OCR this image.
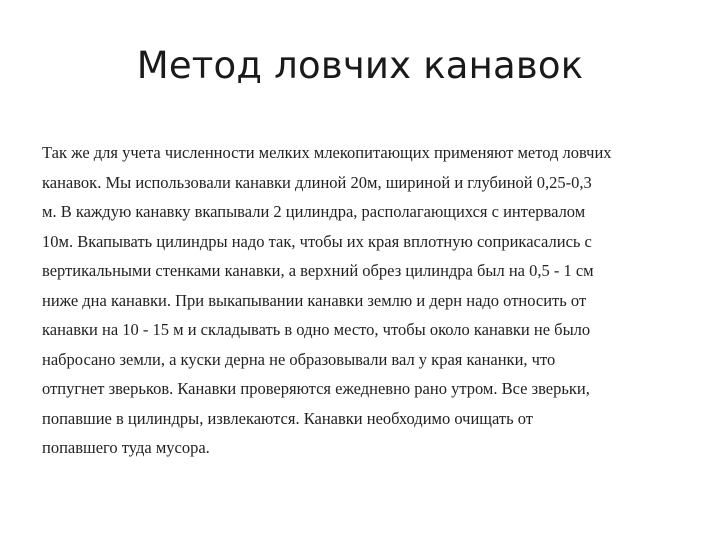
Метод ловчих канавок
Так же для учета численности мелких млекопитающих применяют метод ловчих
канавок. Мы использовали канавки длиной 20м, шириной и глубиной 0,25-0,3
м. В каждую канавку вкапывали 2 цилиндра, располагающихся с интервалом
10м. Вкапывать цилиндры надо так, чтобы их края вплотную соприкасались с
вертикальными стенками канавки, а верхний обрез цилиндра был на 0,5 - 1 см
ниже дна канавки. При выкапывании канавки землю и дерн надо относить от
канавки на 10 - 15 м и складывать в одно место, чтобы около канавки не было
набросано земли, а куски дерна не образовывали вал у края кананки, что
отпугнет зверьков. Канавки проверяются ежедневно рано утром. Все зверьки,
попавшие в цилиндры, извлекаются. Канавки необходимо очищать от
попавшего туда мусора.
